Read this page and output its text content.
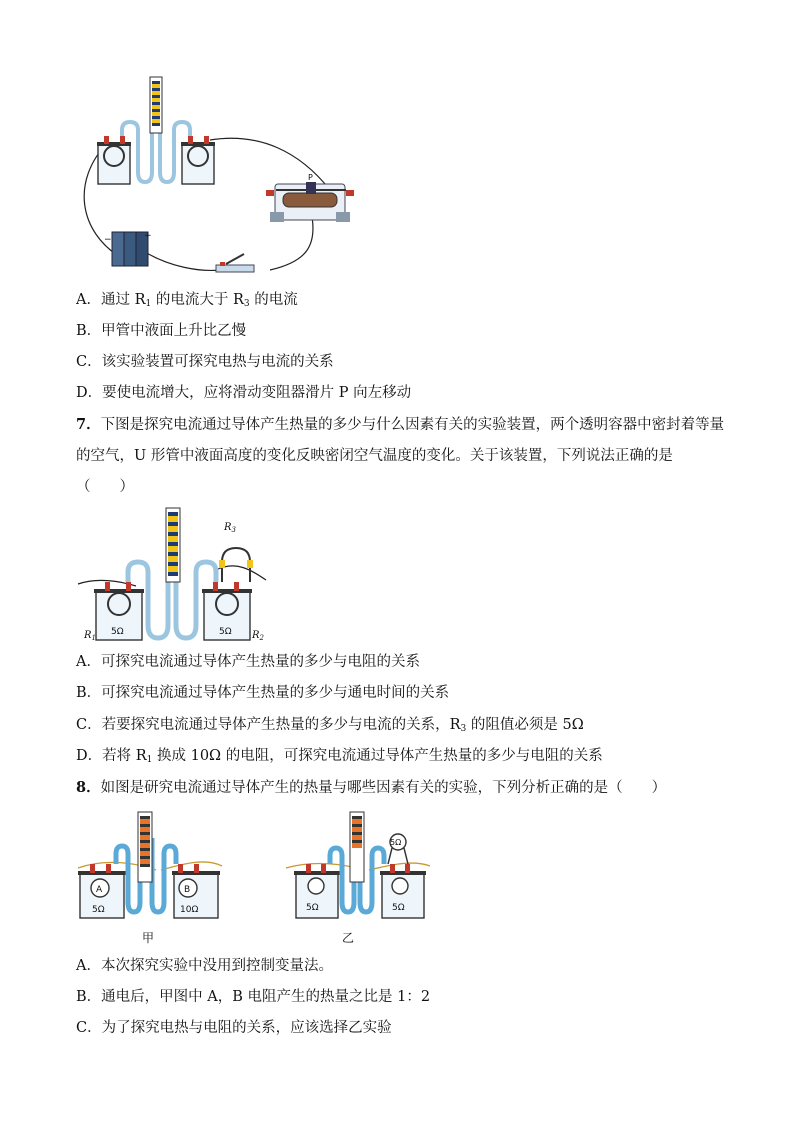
P
−	+
A．通过 $R_1$ 的电流大于 $R_3$ 的电流
B．甲管中液面上升比乙慢
C．该实验装置可探究电热与电流的关系
D．要使电流增大，应将滑动变阻器滑片 P 向左移动
7．下图是探究电流通过导体产生热量的多少与什么因素有关的实验装置，两个透明容器中密封着等量的空气，U 形管中液面高度的变化反映密闭空气温度的变化。关于该装置，下列说法正确的是
（　　）
$R_3$
$R_1$	$R_2$
5Ω	5Ω
A．可探究电流通过导体产生热量的多少与电阻的关系
B．可探究电流通过导体产生热量的多少与通电时间的关系
C．若要探究电流通过导体产生热量的多少与电流的关系，$R_3$ 的阻值必须是 5Ω
D．若将 $R_1$ 换成 10Ω 的电阻，可探究电流通过导体产生热量的多少与电阻的关系
8．如图是研究电流通过导体产生的热量与哪些因素有关的实验，下列分析正确的是（　　）
A	B
5Ω	10Ω
甲
5Ω
5Ω	5Ω
乙
A．本次探究实验中没用到控制变量法。
B．通电后，甲图中 A，B 电阻产生的热量之比是 1：2
C．为了探究电热与电阻的关系，应该选择乙实验
